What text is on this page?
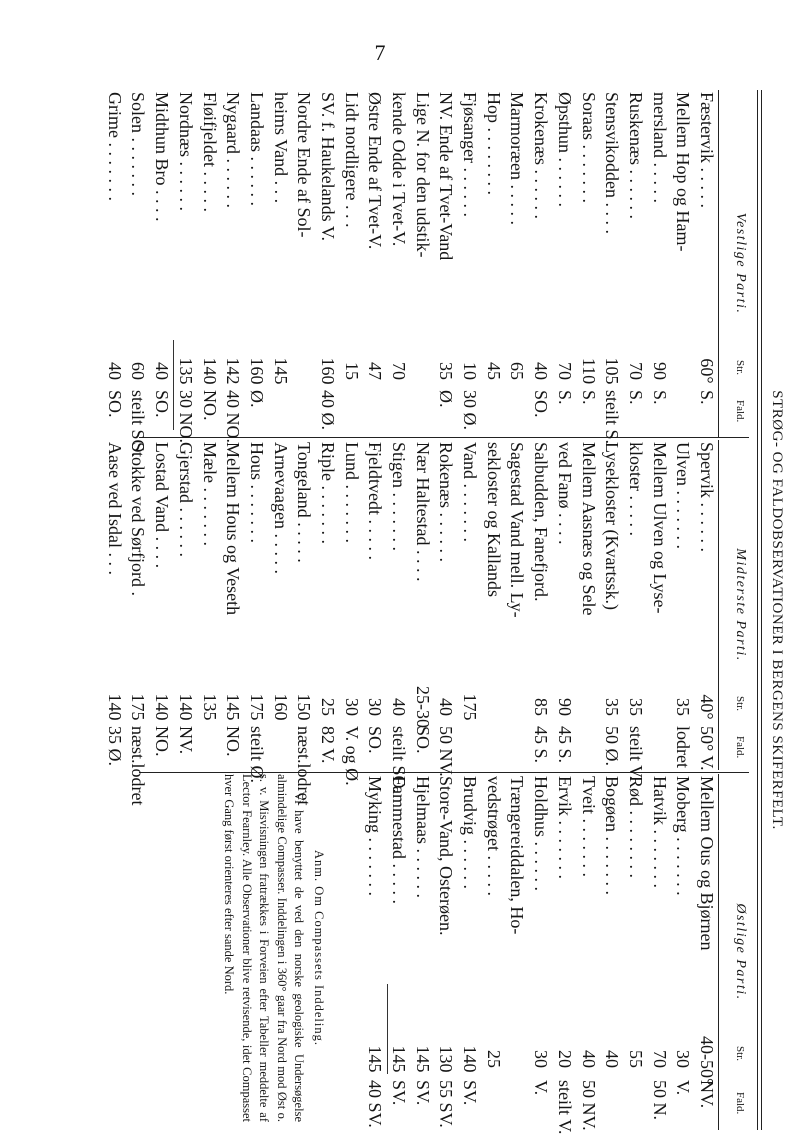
7
STRØG- OG FALDOBSERVATIONER I BERGENS SKIFERFELT.
Vestlige Parti.
Str.
Fald.
Fæstervik . . . . .
60°
S.
Mellem Hop og Ham-
mersland . . . . .
90
S.
Ruskenæs . . . . . .
70
S.
Stensvikodden . . . .
105
steilt S.
Soraas . . . . . . .
110
S.
Øpsthun . . . . . .
70
S.
Krokenæs . . . . . .
40
SO.
Marmoræen . . . . .
65
Hop . . . . . . . .
45
Fjøsanger . . . . . .
10
30 Ø.
NV. Ende af Tvet-Vand
35
Ø.
Lige N. for den udstik-
kende Odde i Tvet-V.
70
Østre Ende af Tvet-V.
47
Lidt nordligere . . .
15
SV. f. Haukelands V.
160
40 Ø.
Nordre Ende af Sol-
heims Vand . . .
145
Landaas . . . . . .
160
Ø.
Nygaard . . . . . .
142
40 NO.
Fløifjeldet . . . . .
140
NO.
Nordnæs . . . . . .
135
30 NO.
Midthun Bro . . . .
40
SO.
Solen . . . . . . .
60
steilt SO.
Grime . . . . . . .
40
SO.
Midterste Parti.
Str.
Fald.
Spervik . . . . . .
40°
50° V.
Ulven . . . . . . .
35
lodret
Mellem Ulven og Lyse-
kloster . . . . .
35
steilt V.
Lysekloster (Kvartssk.)
35
50 Ø.
Mellem Aasnæs og Sele
ved Fanø . . . .
90
45 S.
Salbudden, Fanefjord.
85
45 S.
Sagestad Vand mell. Ly-
sekloster og Kallands
Vand . . . . . . .
175
Rokenæs . . . . . .
40
50 NV.
Nær Haltestad . . . .
25-30
SO.
Stigen . . . . . . .
40
steilt SO.
Fjeldtvedt . . . . .
30
SO.
Lund . . . . . . .
30
V. og Ø.
Riple . . . . . . .
25
82 V.
Tongeland . . . . .
150
næst.lodret
Arnevaagen . . . . .
160
Hous . . . . . . .
175
steilt Ø.
Mellem Hous og Veseth
145
NO.
Mæle . . . . . . .
135
Gjerstad . . . . . .
140
NV.
Lostad Vand . . . .
140
NO.
Stokke ved Sørfjord .
175
næst.lodret
Aase ved Isdal . . .
140
35 Ø.
Østlige Parti.
Str.
Fald.
Mellem Ous og Bjørnen
40-50°
NV.
Moberg . . . . . . .
30
V.
Hatvik . . . . . . .
70
50 N.
Rød . . . . . . . .
55
Bogøen . . . . . . .
40
Tveit . . . . . . .
40
50 NV.
Ervik . . . . . . .
20
steilt V.
Holdhus . . . . . .
30
V.
Trængereiddalen, Ho-
vedstrøget . . . . .
25
Brudvig . . . . . .
140
SV.
Store-Vand, Osterøen.
130
55 SV.
Hjelmaas . . . . . .
145
SV.
Fammestad . . . . .
145
SV.
Myking . . . . . . .
145
40 SV.
Anm. Om Compassets Inddeling.

Vi have benyttet de ved den norske geologiske Undersøgelse almindelige Compasser. Inddelingen i 360° gaar fra Nord mod Øst o. s. v. Misvisningen fratrækkes i Forveien efter Tabeller meddelte af Lector Fearnley. Alle Observationer blive retvisende, idet Compasset hver Gang først orienteres efter sande Nord.
